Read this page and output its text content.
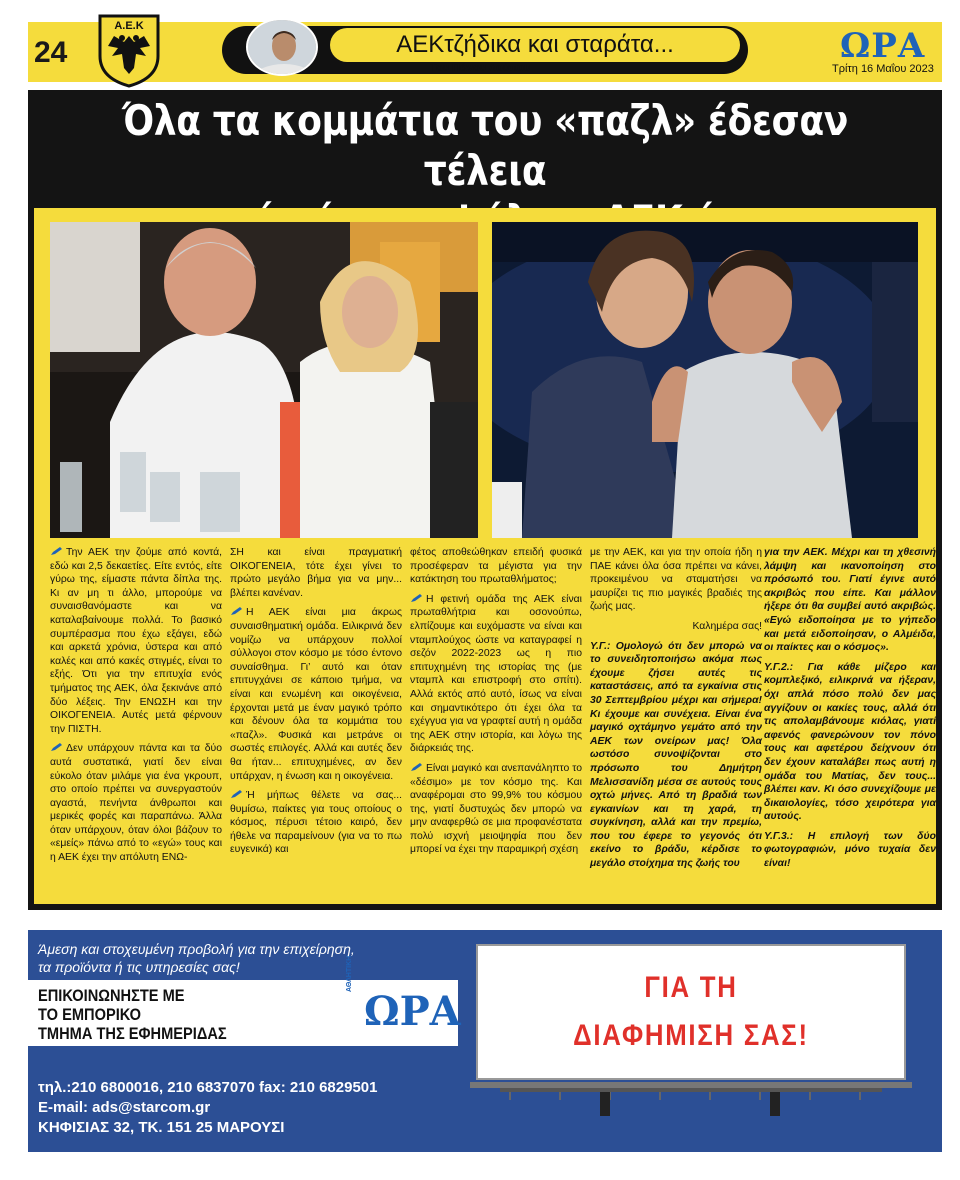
24
Α.Ε.Κ
AEKτζήδικα και σταράτα...
Του Πάνου Λούπου
ΩΡΑ
Τρίτη 16 Μαΐου 2023
Όλα τα κομμάτια του «παζλ» έδεσαν τέλεια

Την ΑΕΚ την ζούμε από κοντά, εδώ και 2,5 δεκαετίες. Είτε εντός, είτε γύρω της, είμαστε πάντα δίπλα της. Κι αν μη τι άλλο, μπορούμε να συναισθανόμαστε και να καταλαβαίνουμε πολλά. Το βασικό συμπέρασμα που έχω εξάγει, εδώ και αρκετά χρόνια, ύστερα και από καλές και από κακές στιγμές, είναι το εξής. Ότι για την επιτυχία ενός τμήματος της ΑΕΚ, όλα ξεκινάνε από δύο λέξεις. Την ΕΝΩΣΗ και την ΟΙΚΟΓΕΝΕΙΑ. Αυτές μετά φέρνουν την ΠΙΣΤΗ.

Δεν υπάρχουν πάντα και τα δύο αυτά συστατικά, γιατί δεν είναι εύκολο όταν μιλάμε για ένα γκρουπ, στο οποίο πρέπει να συνεργαστούν αγαστά, πενήντα άνθρωποι και μερικές φορές και παραπάνω. Άλλα όταν υπάρχουν, όταν όλοι βάζουν το «εμείς» πάνω από το «εγώ» τους και η ΑΕΚ έχει την απόλυτη ΕΝΩ-

ΣΗ και είναι πραγματική ΟΙΚΟΓΕΝΕΙΑ, τότε έχει γίνει το πρώτο μεγάλο βήμα για να μην... βλέπει κανέναν.

Η ΑΕΚ είναι μια άκρως συναισθηματική ομάδα. Ειλικρινά δεν νομίζω να υπάρχουν πολλοί σύλλογοι στον κόσμο με τόσο έντονο συναίσθημα. Γι’ αυτό και όταν επιτυγχάνει σε κάποιο τμήμα, να είναι και ενωμένη και οικογένεια, έρχονται μετά με έναν μαγικό τρόπο και δένουν όλα τα κομμάτια του «παζλ». Φυσικά και μετράνε οι σωστές επιλογές. Αλλά και αυτές δεν θα ήταν... επιτυχημένες, αν δεν υπάρχαν, η ένωση και η οικογένεια.

Ή μήπως θέλετε να σας... θυμίσω, παίκτες για τους οποίους ο κόσμος, πέρυσι τέτοιο καιρό, δεν ήθελε να παραμείνουν (για να το πω ευγενικά) και

φέτος αποθεώθηκαν επειδή φυσικά προσέφεραν τα μέγιστα για την κατάκτηση του πρωταθλήματος;

Η φετινή ομάδα της ΑΕΚ είναι πρωταθλήτρια και οσονούπω, ελπίζουμε και ευχόμαστε να είναι και νταμπλούχος ώστε να καταγραφεί η σεζόν 2022-2023 ως η πιο επιτυχημένη της ιστορίας της (με νταμπλ και επιστροφή στο σπίτι). Αλλά εκτός από αυτό, ίσως να είναι και σημαντικότερο ότι έχει όλα τα εχέγγυα για να γραφτεί αυτή η ομάδα της ΑΕΚ στην ιστορία, και λόγω της διάρκειάς της.

Είναι μαγικό και ανεπανάληπτο το «δέσιμο» με τον κόσμο της. Και αναφέρομαι στο 99,9% του κόσμου της, γιατί δυστυχώς δεν μπορώ να μην αναφερθώ σε μια προφανέστατα πολύ ισχνή μειοψηφία που δεν μπορεί να έχει την παραμικρή σχέση

με την ΑΕΚ, και για την οποία ήδη η ΠΑΕ κάνει όλα όσα πρέπει να κάνει, προκειμένου να σταματήσει να μαυρίζει τις πιο μαγικές βραδιές της ζωής μας.

Καλημέρα σας!

Υ.Γ.: Ομολογώ ότι δεν μπορώ να το συνειδητοποιήσω ακόμα πως έχουμε ζήσει αυτές τις καταστάσεις, από τα εγκαίνια στις 30 Σεπτεμβρίου μέχρι και σήμερα! Κι έχουμε και συνέχεια. Είναι ένα μαγικό οχτάμηνο γεμάτο από την ΑΕΚ των ονείρων μας! Όλα ωστόσο συνοψίζονται στο πρόσωπο του Δημήτρη Μελισσανίδη μέσα σε αυτούς τους οχτώ μήνες. Από τη βραδιά των εγκαινίων και τη χαρά, τη συγκίνηση, αλλά και την πρεμίω, που του έφερε το γεγονός ότι εκείνο το βράδυ, κέρδισε το μεγάλο στοίχημα της ζωής του

για την ΑΕΚ. Μέχρι και τη χθεσινή λάμψη και ικανοποίηση στο πρόσωπό του. Γιατί έγινε αυτό ακριβώς που είπε. Και μάλλον ήξερε ότι θα συμβεί αυτό ακριβώς. «Εγώ ειδοποίησα με το γήπεδο και μετά ειδοποίησαν, ο Αλμέιδα, οι παίκτες και ο κόσμος».

Υ.Γ.2.: Για κάθε μίζερο και κομπλεξικό, ειλικρινά να ήξεραν, όχι απλά πόσο πολύ δεν μας αγγίζουν οι κακίες τους, αλλά ότι τις απολαμβάνουμε κιόλας, γιατί αφενός φανερώνουν τον πόνο τους και αφετέρου δείχνουν ότι δεν έχουν καταλάβει πως αυτή η ομάδα του Ματίας, δεν τους... βλέπει καν. Κι όσο συνεχίζουμε με δικαιολογίες, τόσο χειρότερα για αυτούς.

Υ.Γ.3.: Η επιλογή των δύο φωτογραφιών, μόνο τυχαία δεν είναι!

Άμεση και στοχευμένη προβολή για την επιχείρηση,
τα προϊόντα ή τις υπηρεσίες σας!
ΕΠΙΚΟΙΝΩΝΗΣΤΕ ΜΕ
ΤΟ ΕΜΠΟΡΙΚΟ
ΤΜΗΜΑ ΤΗΣ ΕΦΗΜΕΡΙΔΑΣ	ΩΡΑ
ΑΘΛΗΤΙΚΗ
τηλ.:210 6800016, 210 6837070 fax: 210 6829501
E-mail: ads@starcom.gr
ΚΗΦΙΣΙΑΣ 32, ΤΚ. 151 25 ΜΑΡΟΥΣΙ
ΓΙΑ ΤΗ
ΔΙΑΦΗΜΙΣΗ ΣΑΣ!
